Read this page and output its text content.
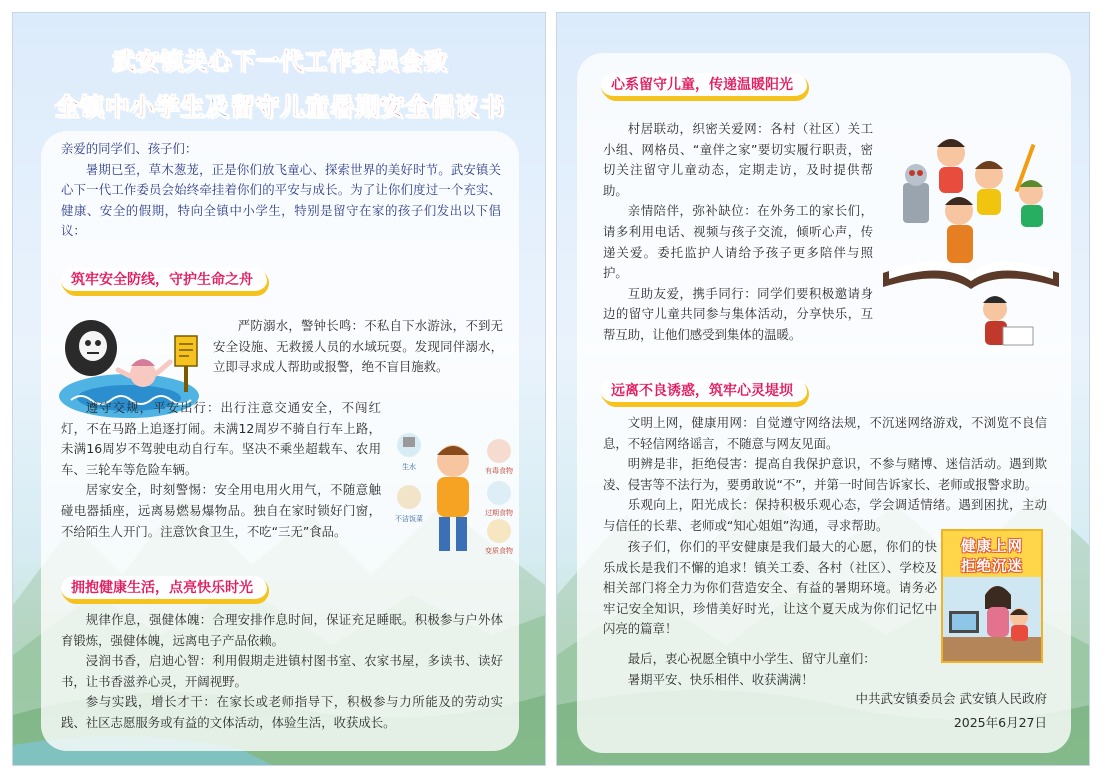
武安镇关心下一代工作委员会致
全镇中小学生及留守儿童暑期安全倡议书

亲爱的同学们、孩子们：

暑期已至，草木葱茏，正是你们放飞童心、探索世界的美好时节。武安镇关心下一代工作委员会始终牵挂着你们的平安与成长。为了让你们度过一个充实、健康、安全的假期，特向全镇中小学生，特别是留守在家的孩子们发出以下倡议：

筑牢安全防线，守护生命之舟

严防溺水，警钟长鸣：不私自下水游泳，不到无安全设施、无救援人员的水域玩耍。发现同伴溺水，立即寻求成人帮助或报警，绝不盲目施救。

遵守交规，平安出行：出行注意交通安全，不闯红灯，不在马路上追逐打闹。未满12周岁不骑自行车上路，未满16周岁不驾驶电动自行车。坚决不乘坐超载车、农用车、三轮车等危险车辆。

居家安全，时刻警惕：安全用电用火用气，不随意触碰电器插座，远离易燃易爆物品。独自在家时锁好门窗，不给陌生人开门。注意饮食卫生，不吃“三无”食品。

生水	有毒食物
过期食物
变质食物
不洁饭菜
拥抱健康生活，点亮快乐时光

规律作息，强健体魄：合理安排作息时间，保证充足睡眠。积极参与户外体育锻炼，强健体魄，远离电子产品依赖。

浸润书香，启迪心智：利用假期走进镇村图书室、农家书屋，多读书、读好书，让书香滋养心灵，开阔视野。

参与实践，增长才干：在家长或老师指导下，积极参与力所能及的劳动实践、社区志愿服务或有益的文体活动，体验生活，收获成长。

心系留守儿童，传递温暖阳光

村居联动，织密关爱网：各村（社区）关工小组、网格员、“童伴之家”要切实履行职责，密切关注留守儿童动态，定期走访，及时提供帮助。

亲情陪伴，弥补缺位：在外务工的家长们，请多利用电话、视频与孩子交流，倾听心声，传递关爱。委托监护人请给予孩子更多陪伴与照护。

互助友爱，携手同行：同学们要积极邀请身边的留守儿童共同参与集体活动，分享快乐，互帮互助，让他们感受到集体的温暖。

远离不良诱惑，筑牢心灵堤坝

文明上网，健康用网：自觉遵守网络法规，不沉迷网络游戏，不浏览不良信息，不轻信网络谣言，不随意与网友见面。

明辨是非，拒绝侵害：提高自我保护意识，不参与赌博、迷信活动。遇到欺凌、侵害等不法行为，要勇敢说“不”，并第一时间告诉家长、老师或报警求助。

乐观向上，阳光成长：保持积极乐观心态，学会调适情绪。遇到困扰，主动与信任的长辈、老师或“知心姐姐”沟通，寻求帮助。

孩子们，你们的平安健康是我们最大的心愿，你们的快乐成长是我们不懈的追求！镇关工委、各村（社区）、学校及相关部门将全力为你们营造安全、有益的暑期环境。请务必牢记安全知识，珍惜美好时光，让这个夏天成为你们记忆中闪亮的篇章！

最后，衷心祝愿全镇中小学生、留守儿童们：

暑期平安、快乐相伴、收获满满！

健康上网
拒绝沉迷
中共武安镇委员会 武安镇人民政府
2025年6月27日
